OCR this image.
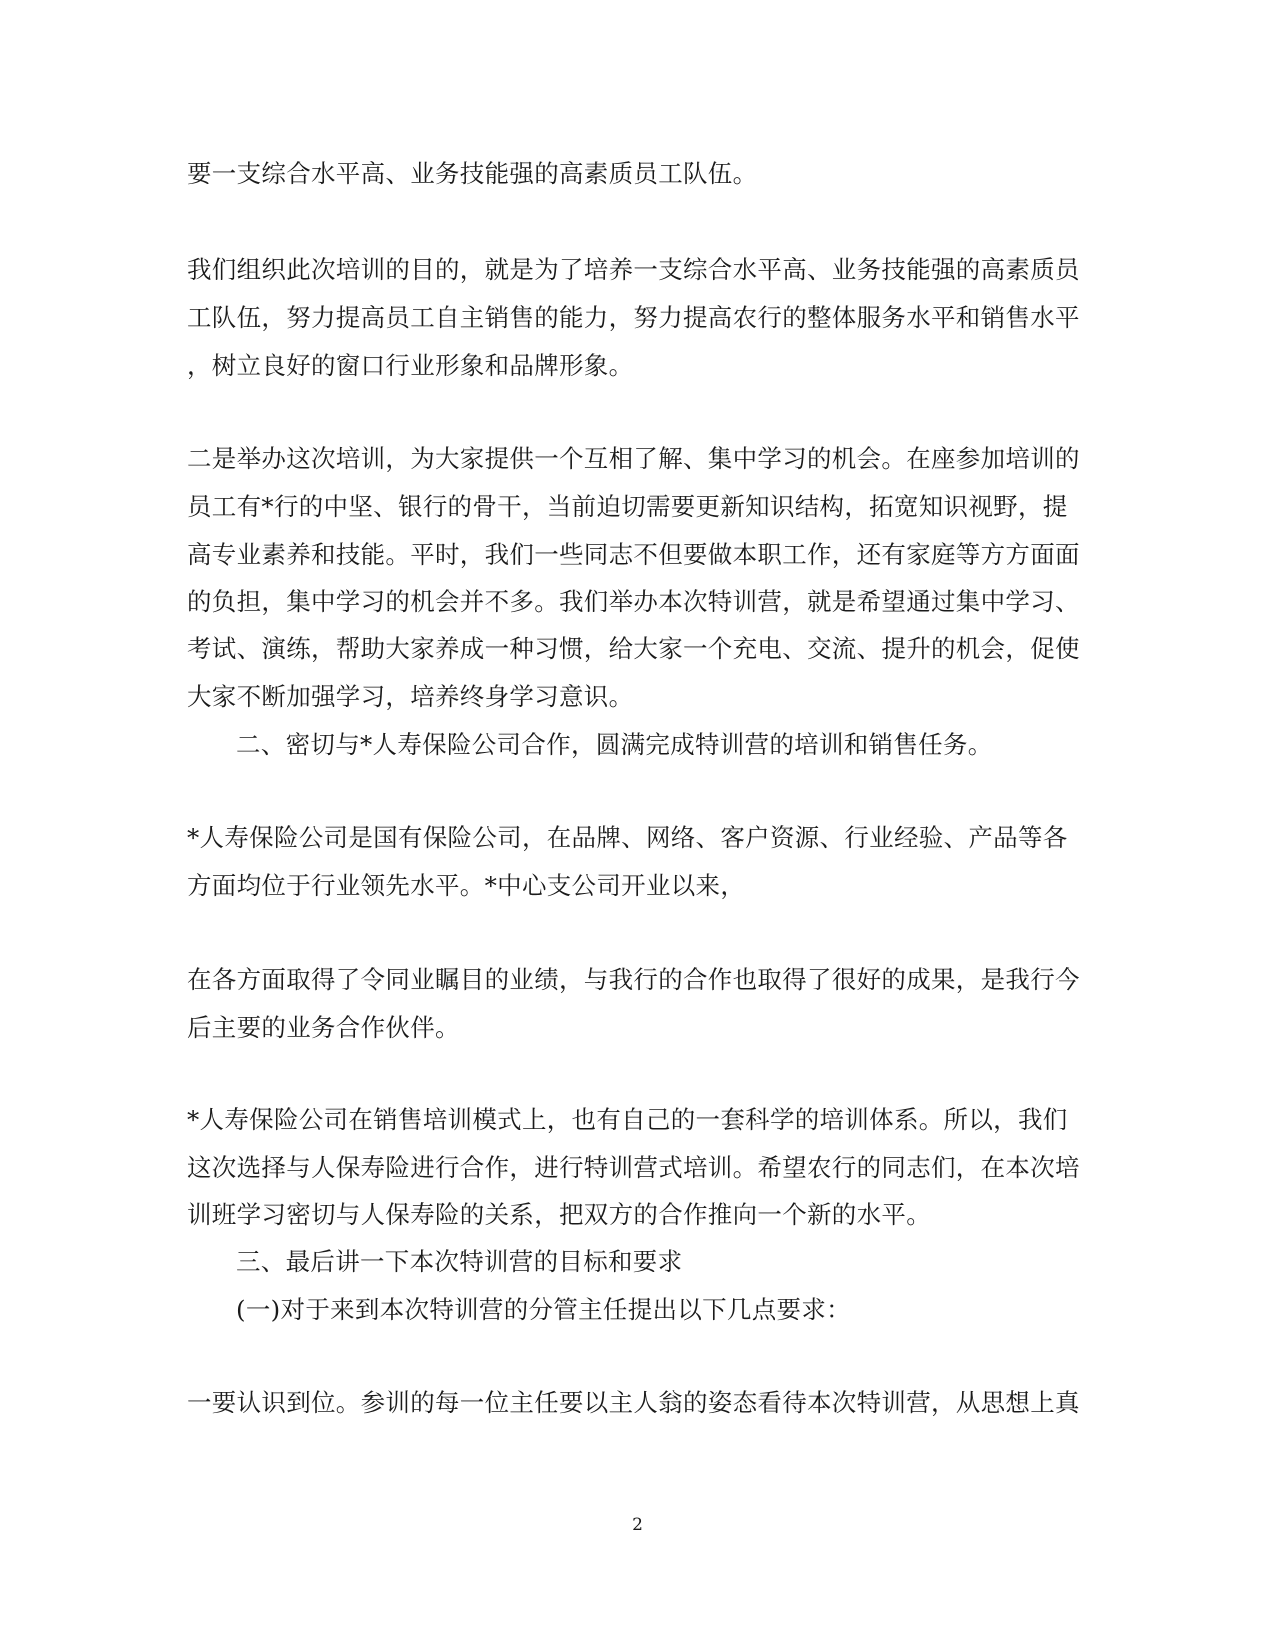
要一支综合水平高、业务技能强的高素质员工队伍。
我们组织此次培训的目的，就是为了培养一支综合水平高、业务技能强的高素质员
工队伍，努力提高员工自主销售的能力，努力提高农行的整体服务水平和销售水平
，树立良好的窗口行业形象和品牌形象。
二是举办这次培训，为大家提供一个互相了解、集中学习的机会。在座参加培训的
员工有*行的中坚、银行的骨干，当前迫切需要更新知识结构，拓宽知识视野，提
高专业素养和技能。平时，我们一些同志不但要做本职工作，还有家庭等方方面面
的负担，集中学习的机会并不多。我们举办本次特训营，就是希望通过集中学习、
考试、演练，帮助大家养成一种习惯，给大家一个充电、交流、提升的机会，促使
大家不断加强学习，培养终身学习意识。
二、密切与*人寿保险公司合作，圆满完成特训营的培训和销售任务。
*人寿保险公司是国有保险公司，在品牌、网络、客户资源、行业经验、产品等各
方面均位于行业领先水平。*中心支公司开业以来，
在各方面取得了令同业瞩目的业绩，与我行的合作也取得了很好的成果，是我行今
后主要的业务合作伙伴。
*人寿保险公司在销售培训模式上，也有自己的一套科学的培训体系。所以，我们
这次选择与人保寿险进行合作，进行特训营式培训。希望农行的同志们，在本次培
训班学习密切与人保寿险的关系，把双方的合作推向一个新的水平。
三、最后讲一下本次特训营的目标和要求
(一)对于来到本次特训营的分管主任提出以下几点要求：
一要认识到位。参训的每一位主任要以主人翁的姿态看待本次特训营，从思想上真
2
